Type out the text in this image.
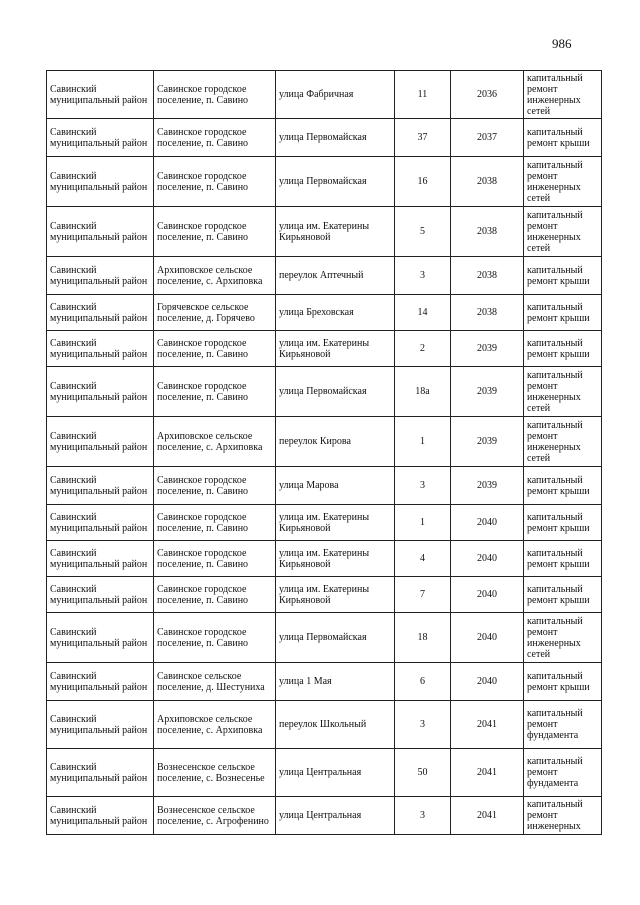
986
Савинский муниципальный район	Савинское городское поселение, п. Савино	улица Фабричная	11	2036	капитальный ремонт инженерных сетей
Савинский муниципальный район	Савинское городское поселение, п. Савино	улица Первомайская	37	2037	капитальный ремонт крыши
Савинский муниципальный район	Савинское городское поселение, п. Савино	улица Первомайская	16	2038	капитальный ремонт инженерных сетей
Савинский муниципальный район	Савинское городское поселение, п. Савино	улица им. Екатерины Кирьяновой	5	2038	капитальный ремонт инженерных сетей
Савинский муниципальный район	Архиповское сельское поселение, с. Архиповка	переулок Аптечный	3	2038	капитальный ремонт крыши
Савинский муниципальный район	Горячевское сельское поселение, д. Горячево	улица Бреховская	14	2038	капитальный ремонт крыши
Савинский муниципальный район	Савинское городское поселение, п. Савино	улица им. Екатерины Кирьяновой	2	2039	капитальный ремонт крыши
Савинский муниципальный район	Савинское городское поселение, п. Савино	улица Первомайская	18а	2039	капитальный ремонт инженерных сетей
Савинский муниципальный район	Архиповское сельское поселение, с. Архиповка	переулок Кирова	1	2039	капитальный ремонт инженерных сетей
Савинский муниципальный район	Савинское городское поселение, п. Савино	улица Марова	3	2039	капитальный ремонт крыши
Савинский муниципальный район	Савинское городское поселение, п. Савино	улица им. Екатерины Кирьяновой	1	2040	капитальный ремонт крыши
Савинский муниципальный район	Савинское городское поселение, п. Савино	улица им. Екатерины Кирьяновой	4	2040	капитальный ремонт крыши
Савинский муниципальный район	Савинское городское поселение, п. Савино	улица им. Екатерины Кирьяновой	7	2040	капитальный ремонт крыши
Савинский муниципальный район	Савинское городское поселение, п. Савино	улица Первомайская	18	2040	капитальный ремонт инженерных сетей
Савинский муниципальный район	Савинское сельское поселение, д. Шестуниха	улица 1 Мая	6	2040	капитальный ремонт крыши
Савинский муниципальный район	Архиповское сельское поселение, с. Архиповка	переулок Школьный	3	2041	капитальный ремонт фундамента
Савинский муниципальный район	Вознесенское сельское поселение, с. Вознесенье	улица Центральная	50	2041	капитальный ремонт фундамента
Савинский муниципальный район	Вознесенское сельское поселение, с. Агрофенино	улица Центральная	3	2041	капитальный ремонт инженерных
